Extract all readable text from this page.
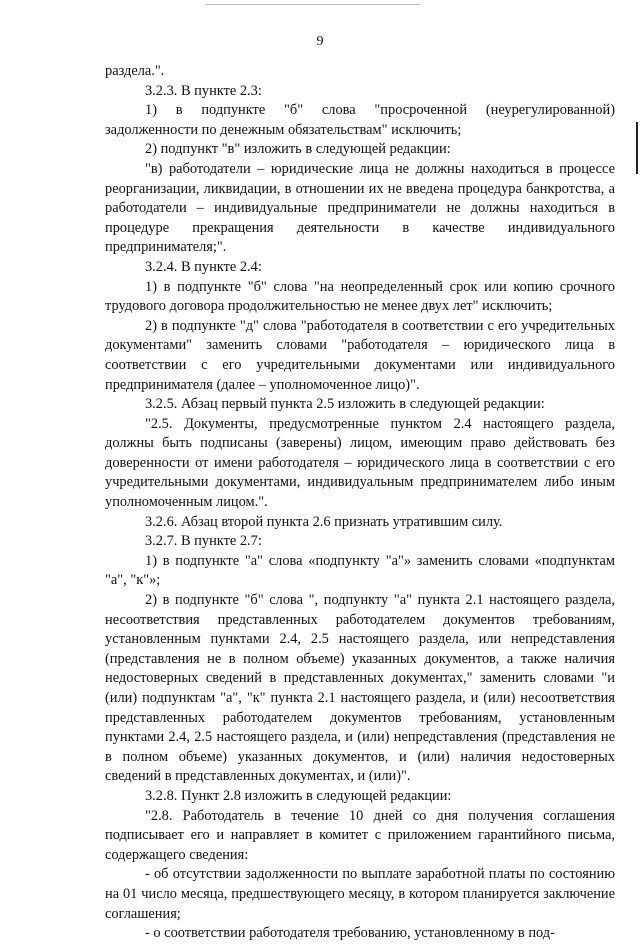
9

раздела.".

3.2.3. В пункте 2.3:

1) в подпункте "б" слова "просроченной (неурегулированной) задолженности по денежным обязательствам" исключить;

2) подпункт "в" изложить в следующей редакции:

"в) работодатели – юридические лица не должны находиться в процессе реорганизации, ликвидации, в отношении их не введена процедура банкротства, а работодатели – индивидуальные предприниматели не должны находиться в процедуре прекращения деятельности в качестве индивидуального предпринимателя;".

3.2.4. В пункте 2.4:

1) в подпункте "б" слова "на неопределенный срок или копию срочного трудового договора продолжительностью не менее двух лет" исключить;

2) в подпункте "д" слова "работодателя в соответствии с его учредительных документами" заменить словами "работодателя – юридического лица в соответствии с его учредительными документами или индивидуального предпринимателя (далее – уполномоченное лицо)".

3.2.5. Абзац первый пункта 2.5 изложить в следующей редакции:

"2.5. Документы, предусмотренные пунктом 2.4 настоящего раздела, должны быть подписаны (заверены) лицом, имеющим право действовать без доверенности от имени работодателя – юридического лица в соответствии с его учредительными документами, индивидуальным предпринимателем либо иным уполномоченным лицом.".

3.2.6. Абзац второй пункта 2.6 признать утратившим силу.

3.2.7. В пункте 2.7:

1) в подпункте "а" слова «подпункту "а"» заменить словами «подпунктам "а", "к"»;

2) в подпункте "б" слова ", подпункту "а" пункта 2.1 настоящего раздела, несоответствия представленных работодателем документов требованиям, установленным пунктами 2.4, 2.5 настоящего раздела, или непредставления (представления не в полном объеме) указанных документов, а также наличия недостоверных сведений в представленных документах," заменить словами "и (или) подпунктам "а", "к" пункта 2.1 настоящего раздела, и (или) несоответствия представленных работодателем документов требованиям, установленным пунктами 2.4, 2.5 настоящего раздела, и (или) непредставления (представления не в полном объеме) указанных документов, и (или) наличия недостоверных сведений в представленных документах, и (или)".

3.2.8. Пункт 2.8 изложить в следующей редакции:

"2.8. Работодатель в течение 10 дней со дня получения соглашения подписывает его и направляет в комитет с приложением гарантийного письма, содержащего сведения:

- об отсутствии задолженности по выплате заработной платы по состоянию на 01 число месяца, предшествующего месяцу, в котором планируется заключение соглашения;

- о соответствии работодателя требованию, установленному в под-
